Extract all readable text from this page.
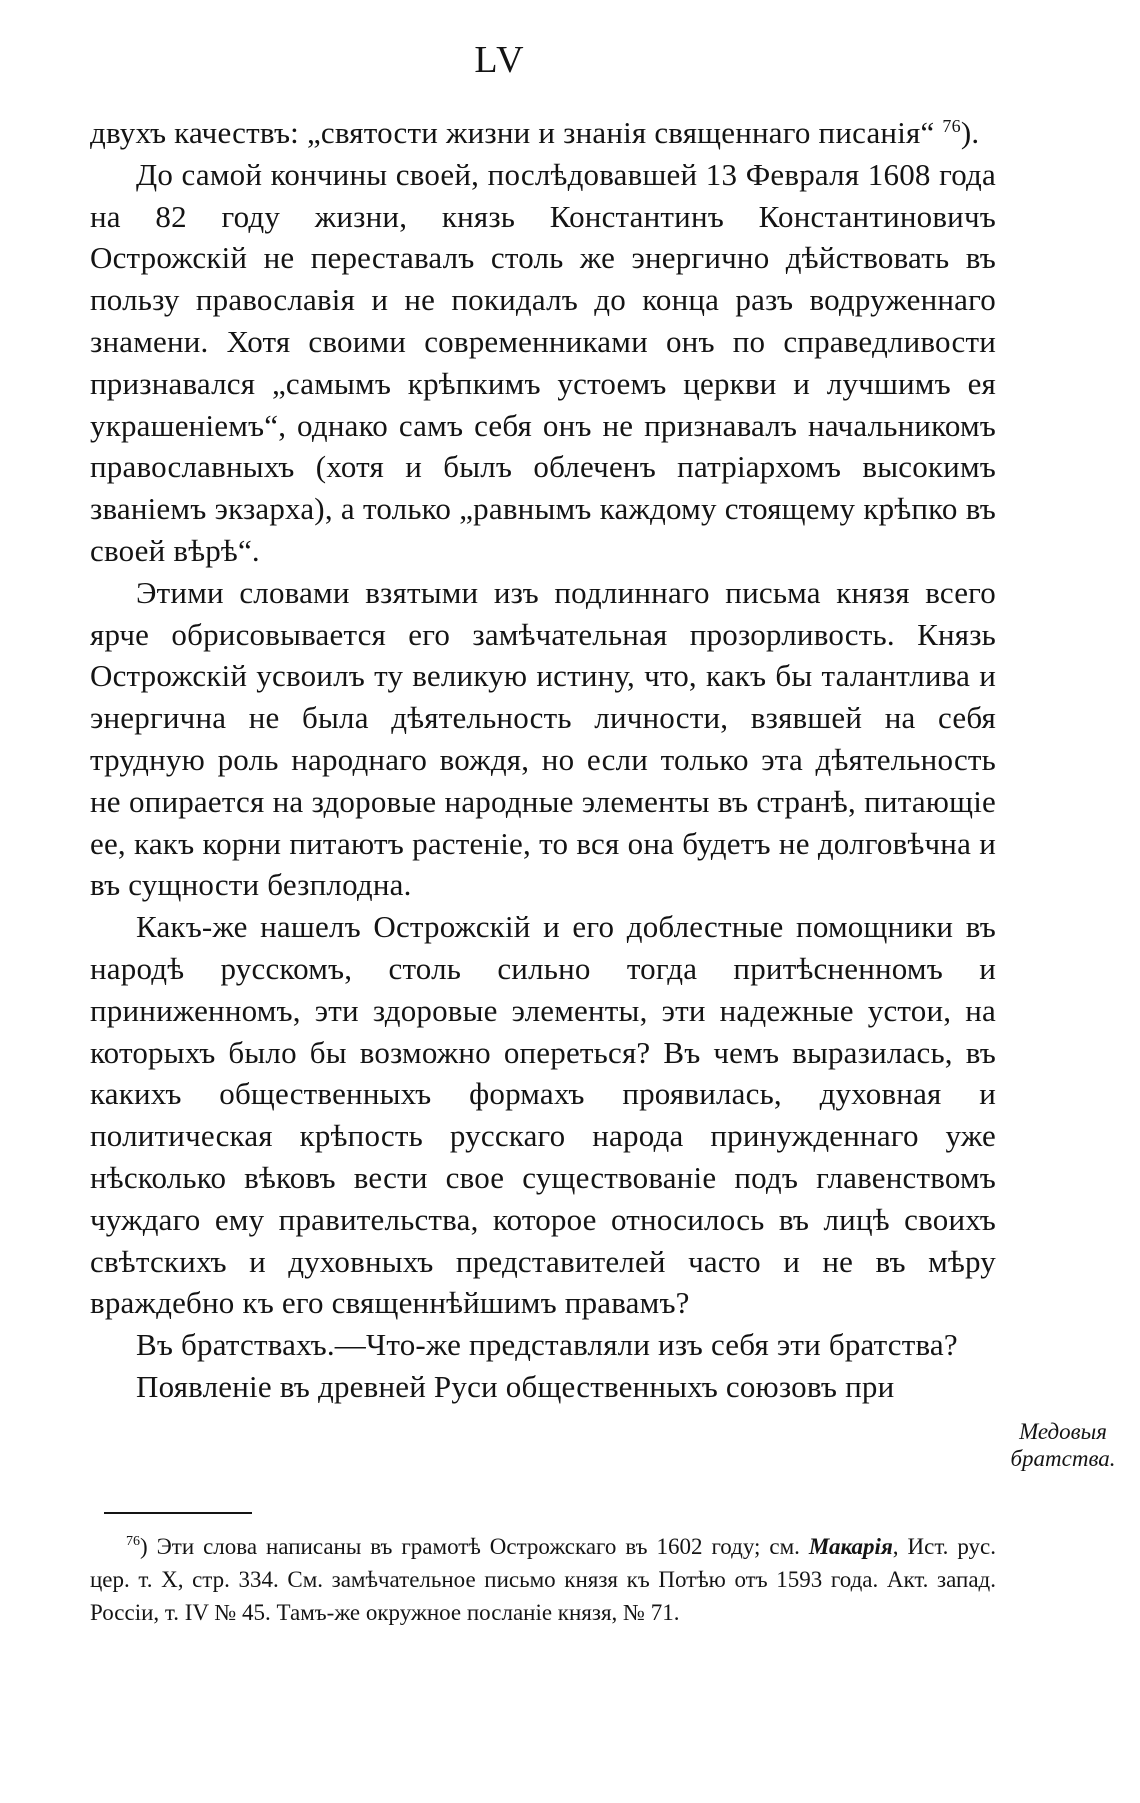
LV

двухъ качествъ: „святости жизни и знанія священнаго писанія“ $^{76}$).

До самой кончины своей, послѣдовавшей 13 Февраля 1608 года на 82 году жизни, князь Константинъ Константиновичъ Острожскій не переставалъ столь же энергично дѣйствовать въ пользу православія и не покидалъ до конца разъ водруженнаго знамени. Хотя своими современниками онъ по справедливости признавался „самымъ крѣпкимъ устоемъ церкви и лучшимъ ея украшеніемъ“, однако самъ себя онъ не признавалъ начальникомъ православныхъ (хотя и былъ облеченъ патріархомъ высокимъ званіемъ экзарха), а только „равнымъ каждому стоящему крѣпко въ своей вѣрѣ“.

Этими словами взятыми изъ подлиннаго письма князя всего ярче обрисовывается его замѣчательная прозорливость. Князь Острожскій усвоилъ ту великую истину, что, какъ бы талантлива и энергична не была дѣятельность личности, взявшей на себя трудную роль народнаго вождя, но если только эта дѣятельность не опирается на здоровые народные элементы въ странѣ, питающіе ее, какъ корни питаютъ растеніе, то вся она будетъ не долговѣчна и въ сущности безплодна.

Какъ-же нашелъ Острожскій и его доблестные помощники въ народѣ русскомъ, столь сильно тогда притѣсненномъ и приниженномъ, эти здоровые элементы, эти надежные устои, на которыхъ было бы возможно опереться? Въ чемъ выразилась, въ какихъ общественныхъ формахъ проявилась, духовная и политическая крѣпость русскаго народа принужденнаго уже нѣсколько вѣковъ вести свое существованіе подъ главенствомъ чуждаго ему правительства, которое относилось въ лицѣ своихъ свѣтскихъ и духовныхъ представителей часто и не въ мѣру враждебно къ его священнѣйшимъ правамъ?

Въ братствахъ.—Что-же представляли изъ себя эти братства?

Появленіе въ древней Руси общественныхъ союзовъ при

Медовыя
братства.

$^{76}$) Эти слова написаны въ грамотѣ Острожскаго въ 1602 году; см. Макарія, Ист. рус. цер. т. X, стр. 334. См. замѣчательное письмо князя къ Потѣю отъ 1593 года. Акт. запад. Россіи, т. IV № 45. Тамъ-же окружное посланіе князя, № 71.
